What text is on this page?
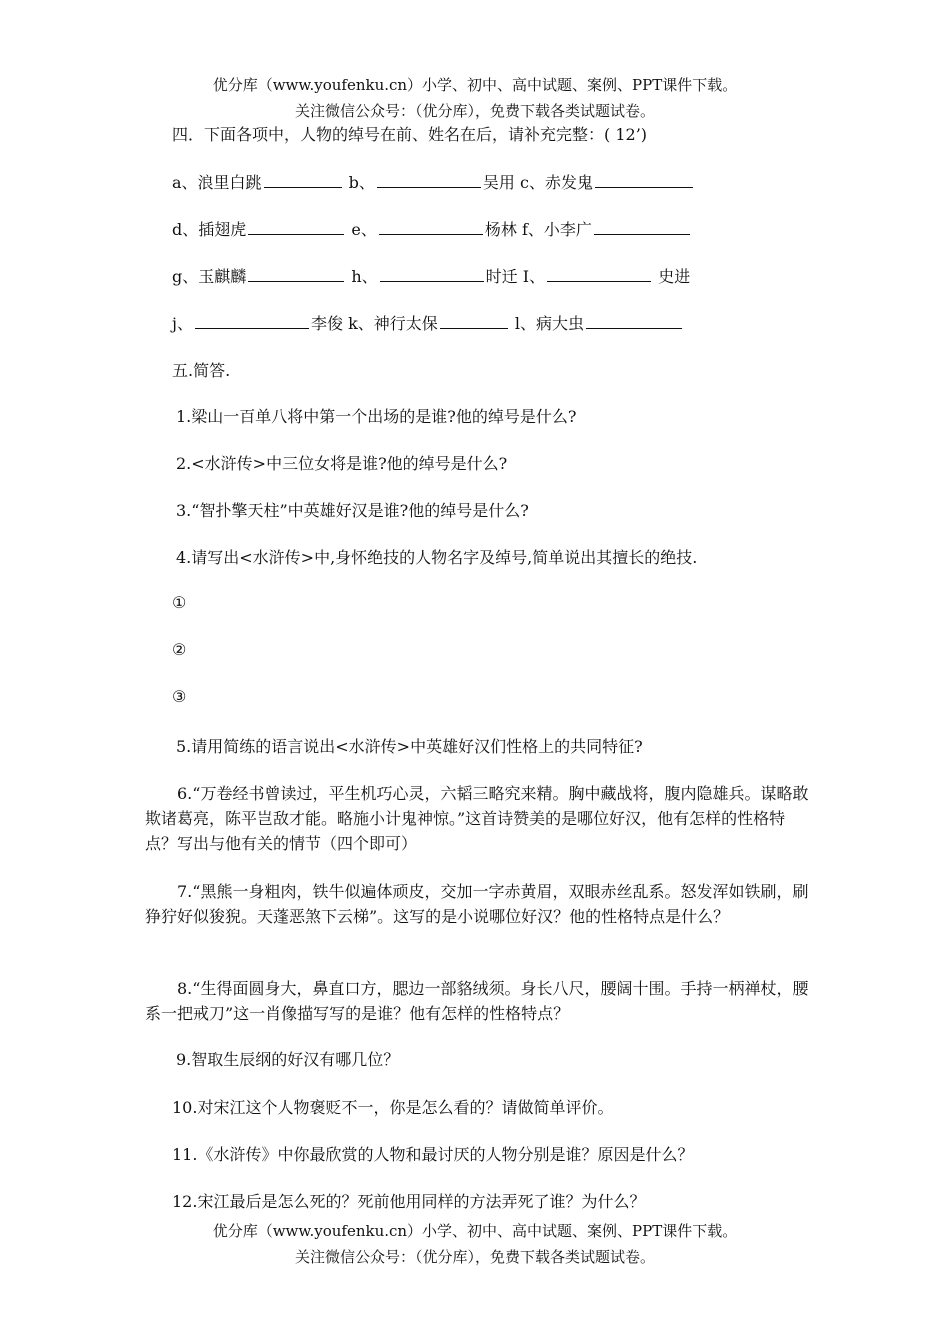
优分库（www.youfenku.cn）小学、初中、高中试题、案例、PPT课件下载。
关注微信公众号：（优分库），免费下载各类试题试卷。
四．下面各项中，人物的绰号在前、姓名在后，请补充完整：( 12’)
a、浪里白跳	b、	吴用 c、赤发鬼
d、插翅虎	e、	杨林 f、小李广
g、玉麒麟	h、	时迁 I、	史进
j、	李俊 k、神行太保	l、病大虫
五.简答.
1.梁山一百单八将中第一个出场的是谁?他的绰号是什么?
2.<水浒传>中三位女将是谁?他的绰号是什么?
3.“智扑擎天柱”中英雄好汉是谁?他的绰号是什么?
4.请写出<水浒传>中,身怀绝技的人物名字及绰号,简单说出其擅长的绝技.
①
②
③
5.请用简练的语言说出<水浒传>中英雄好汉们性格上的共同特征?
6.“万卷经书曾读过，平生机巧心灵，六韬三略究来精。胸中藏战将，腹内隐雄兵。谋略敢欺诸葛亮，陈平岂敌才能。略施小计鬼神惊。”这首诗赞美的是哪位好汉，他有怎样的性格特点？写出与他有关的情节（四个即可）
7.“黑熊一身粗肉，铁牛似遍体顽皮，交加一字赤黄眉，双眼赤丝乱系。怒发浑如铁刷，刷狰狞好似狻猊。天蓬恶煞下云梯”。这写的是小说哪位好汉？他的性格特点是什么？
8.“生得面圆身大，鼻直口方，腮边一部貉绒须。身长八尺，腰阔十围。手持一柄禅杖，腰系一把戒刀”这一肖像描写写的是谁？他有怎样的性格特点？
9.智取生辰纲的好汉有哪几位？
10.对宋江这个人物褒贬不一，你是怎么看的？请做简单评价。
11.《水浒传》中你最欣赏的人物和最讨厌的人物分别是谁？原因是什么？
12.宋江最后是怎么死的？死前他用同样的方法弄死了谁？为什么？
优分库（www.youfenku.cn）小学、初中、高中试题、案例、PPT课件下载。
关注微信公众号：（优分库），免费下载各类试题试卷。
